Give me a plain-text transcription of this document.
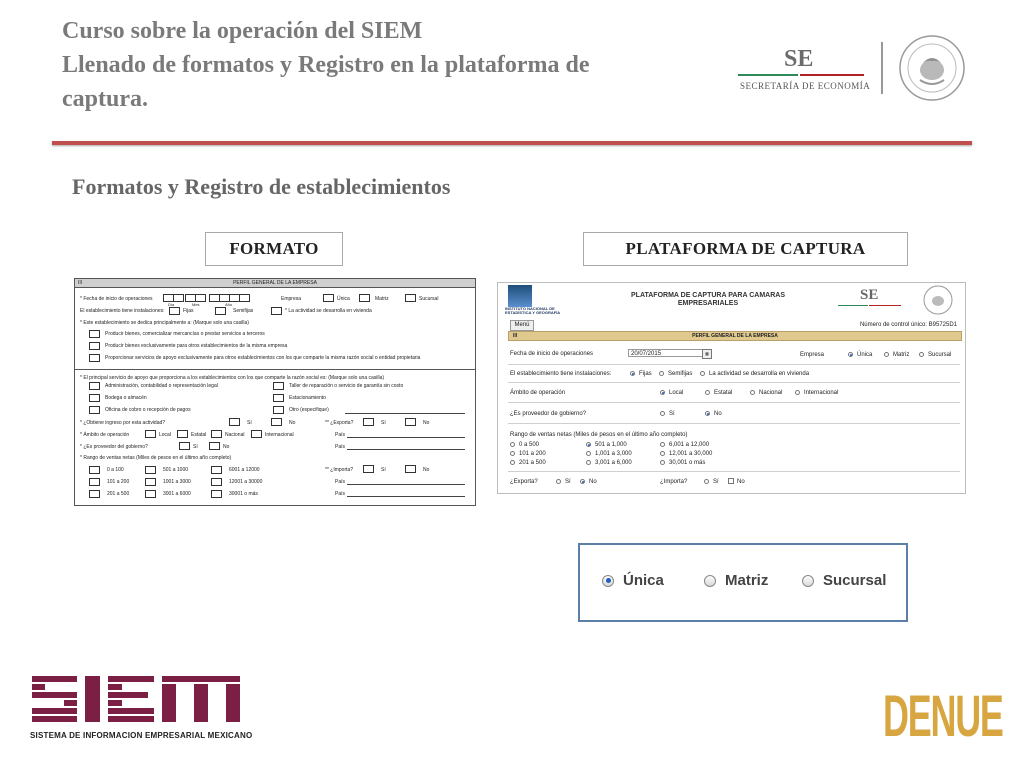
Curso sobre la operación del SIEM
Llenado de formatos y Registro en la plataforma de
captura.
SE
SECRETARÍA DE ECONOMÍA
Formatos y Registro de establecimientos
FORMATO	PLATAFORMA DE CAPTURA
III	PERFIL GENERAL DE LA EMPRESA
* Fecha de inicio de operaciones
Día	Mes	Año
Empresa	Única	Matriz	Sucursal
El establecimiento tiene instalaciones:	Fijas	Semifijas	* La actividad se desarrolla en vivienda
* Este establecimiento se dedica principalmente a: (Marque solo una casilla)
Producir bienes, comercializar mercancías o prestar servicios a terceros
Producir bienes exclusivamente para otros establecimientos de la misma empresa
Proporcionar servicios de apoyo exclusivamente para otros establecimientos con los que comparte la misma razón social o entidad propietaria
* El principal servicio de apoyo que proporciona a los establecimientos con los que comparte la razón social es: (Marque solo una casilla)
Administración, contabilidad o representación legal	Taller de reparación o servicio de garantía sin costo
Bodega o almacén	Estacionamiento
Oficina de cobro o recepción de pagos	Otro (especifique)
* ¿Obtiene ingreso por esta actividad?	Sí	No	** ¿Exporta?	Sí	No
* Ámbito de operación	Local	Estatal	Nacional	Internacional	País
* ¿Es proveedor del gobierno?	Sí	No	País
* Rango de ventas netas (Miles de pesos en el último año completo)
0 a 100	501 a 1000	6001 a 12000	** ¿Importa?	Sí	No
101 a 200	1001 a 3000	12001 a 30000	País
201 a 500	3001 a 6000	30001 o más	País
INSTITUTO NACIONAL DE ESTADÍSTICA Y GEOGRAFÍA
PLATAFORMA DE CAPTURA PARA CAMARAS
EMPRESARIALES
SE
Menú	Número de control único: B95725D1
III	PERFIL GENERAL DE LA EMPRESA
Fecha de inicio de operaciones	20/07/2015	▦	Empresa	Única	Matriz	Sucursal
El establecimiento tiene instalaciones:	Fijas	Semifijas	La actividad se desarrolla en vivienda
Ámbito de operación	Local	Estatal	Nacional	Internacional
¿Es proveedor de gobierno?	Sí	No
Rango de ventas netas (Miles de pesos en el último año completo)
0 a 500	501 a 1,000	6,001 a 12,000
101 a 200	1,001 a 3,000	12,001 a 30,000
201 a 500	3,001 a 6,000	30,001 o más
¿Exporta?	Sí	No	¿Importa?	Sí	No
Única	Matriz	Sucursal
SISTEMA DE INFORMACION EMPRESARIAL MEXICANO	DENUE
